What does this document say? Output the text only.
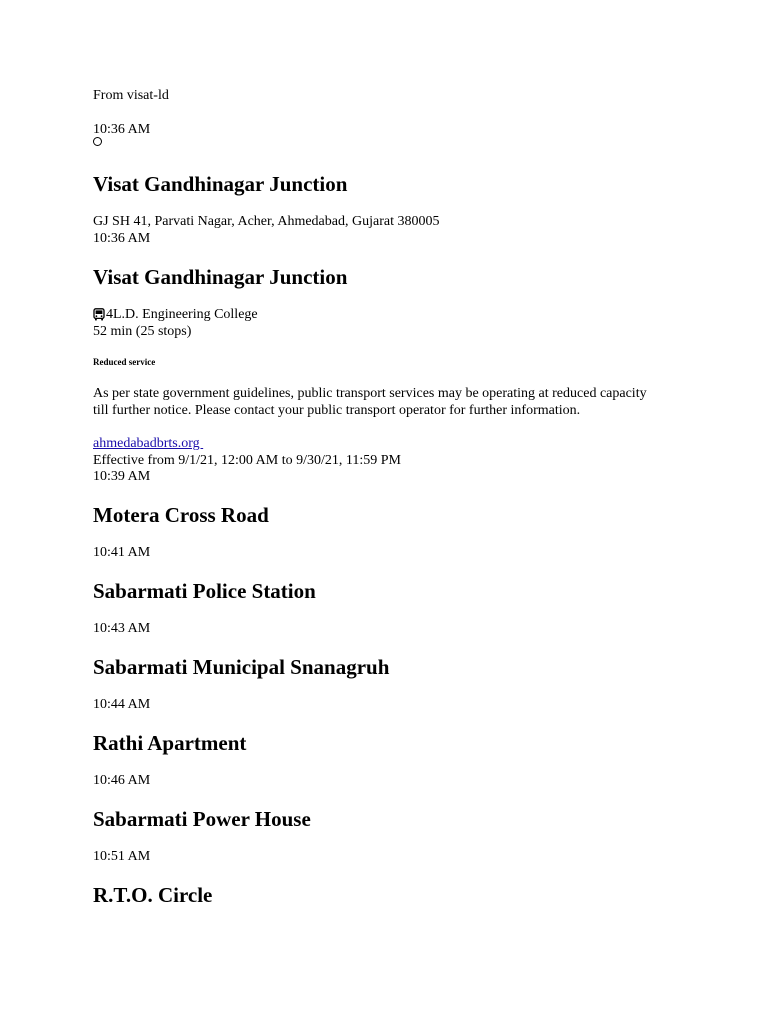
From visat-ld
10:36 AM
Visat Gandhinagar Junction
GJ SH 41, Parvati Nagar, Acher, Ahmedabad, Gujarat 380005
10:36 AM
Visat Gandhinagar Junction
4L.D. Engineering College
52 min (25 stops)
Reduced service
As per state government guidelines, public transport services may be operating at reduced capacity till further notice. Please contact your public transport operator for further information.
ahmedabadbrts.org
Effective from 9/1/21, 12:00 AM to 9/30/21, 11:59 PM
10:39 AM
Motera Cross Road
10:41 AM
Sabarmati Police Station
10:43 AM
Sabarmati Municipal Snanagruh
10:44 AM
Rathi Apartment
10:46 AM
Sabarmati Power House
10:51 AM
R.T.O. Circle
